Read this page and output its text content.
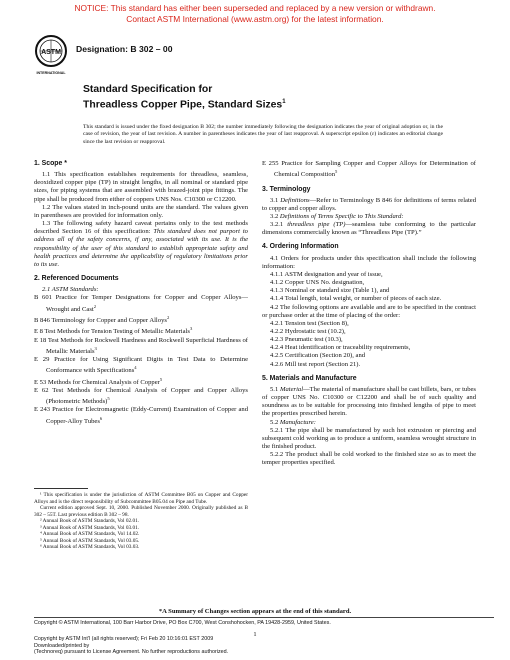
NOTICE: This standard has either been superseded and replaced by a new version or withdrawn.
Contact ASTM International (www.astm.org) for the latest information.
ASTM
INTERNATIONAL
Designation: B 302 – 00
Standard Specification for
Threadless Copper Pipe, Standard Sizes$^1$
This standard is issued under the fixed designation B 302; the number immediately following the designation indicates the year of original adoption or, in the case of revision, the year of last revision. A number in parentheses indicates the year of last reapproval. A superscript epsilon (ε) indicates an editorial change since the last revision or reapproval.
1. Scope *

1.1 This specification establishes requirements for threadless, seamless, deoxidized copper pipe (TP) in straight lengths, in all nominal or standard pipe sizes, for piping systems that are assembled with brazed-joint pipe fittings. The pipe shall be produced from either of coppers UNS Nos. C10300 or C12200.

1.2 The values stated in inch-pound units are the standard. The values given in parentheses are provided for information only.

1.3 The following safety hazard caveat pertains only to the test methods described Section 16 of this specification: This standard does not purport to address all of the safety concerns, if any, associated with its use. It is the responsibility of the user of this standard to establish appropriate safety and health practices and determine the applicability of regulatory limitations prior to its use.

2. Referenced Documents

2.1 ASTM Standards:

B 601 Practice for Temper Designations for Copper and Copper Alloys—Wrought and Cast$^2$

B 846 Terminology for Copper and Copper Alloys$^2$

E 8 Test Methods for Tension Testing of Metallic Materials$^3$

E 18 Test Methods for Rockwell Hardness and Rockwell Superficial Hardness of Metallic Materials$^3$

E 29 Practice for Using Significant Digits in Test Data to Determine Conformance with Specifications$^4$

E 53 Methods for Chemical Analysis of Copper$^5$

E 62 Test Methods for Chemical Analysis of Copper and Copper Alloys (Photometric Methods)$^5$

E 243 Practice for Electromagnetic (Eddy-Current) Examination of Copper and Copper-Alloy Tubes$^6$

¹ This specification is under the jurisdiction of ASTM Committee B05 on Copper and Copper Alloys and is the direct responsibility of Subcommittee B05.04 on Pipe and Tube.

Current edition approved Sept. 10, 2000. Published November 2000. Originally published as B 302 – 55T. Last previous edition B 302 – 98.

² Annual Book of ASTM Standards, Vol 02.01.

³ Annual Book of ASTM Standards, Vol 03.01.

⁴ Annual Book of ASTM Standards, Vol 14.02.

⁵ Annual Book of ASTM Standards, Vol 03.05.

⁶ Annual Book of ASTM Standards, Vol 03.03.

E 255 Practice for Sampling Copper and Copper Alloys for Determination of Chemical Composition$^5$

3. Terminology

3.1 Definitions—Refer to Terminology B 846 for definitions of terms related to copper and copper alloys.

3.2 Definitions of Terms Specific to This Standard:

3.2.1 threadless pipe (TP)—seamless tube conforming to the particular dimensions commercially known as “Threadless Pipe (TP).”

4. Ordering Information

4.1 Orders for products under this specification shall include the following information:

4.1.1 ASTM designation and year of issue,

4.1.2 Copper UNS No. designation,

4.1.3 Nominal or standard size (Table 1), and

4.1.4 Total length, total weight, or number of pieces of each size.

4.2 The following options are available and are to be specified in the contract or purchase order at the time of placing of the order:

4.2.1 Tension test (Section 8),

4.2.2 Hydrostatic test (10.2),

4.2.3 Pneumatic test (10.3),

4.2.4 Heat identification or traceability requirements,

4.2.5 Certification (Section 20), and

4.2.6 Mill test report (Section 21).

5. Materials and Manufacture

5.1 Material—The material of manufacture shall be cast billets, bars, or tubes of copper UNS No. C10300 or C12200 and shall be of such quality and soundness as to be suitable for processing into finished lengths of pipe to meet the properties prescribed herein.

5.2 Manufacture:

5.2.1 The pipe shall be manufactured by such hot extrusion or piercing and subsequent cold working as to produce a uniform, seamless wrought structure in the finished product.

5.2.2 The product shall be cold worked to the finished size so as to meet the temper properties specified.

*A Summary of Changes section appears at the end of this standard.
Copyright © ASTM International, 100 Barr Harbor Drive, PO Box C700, West Conshohocken, PA 19428-2959, United States.
1
Copyright by ASTM Int'l (all rights reserved); Fri Feb 20 10:16:01 EST 2009
Downloaded/printed by
(Technoreq) pursuant to License Agreement. No further reproductions authorized.
